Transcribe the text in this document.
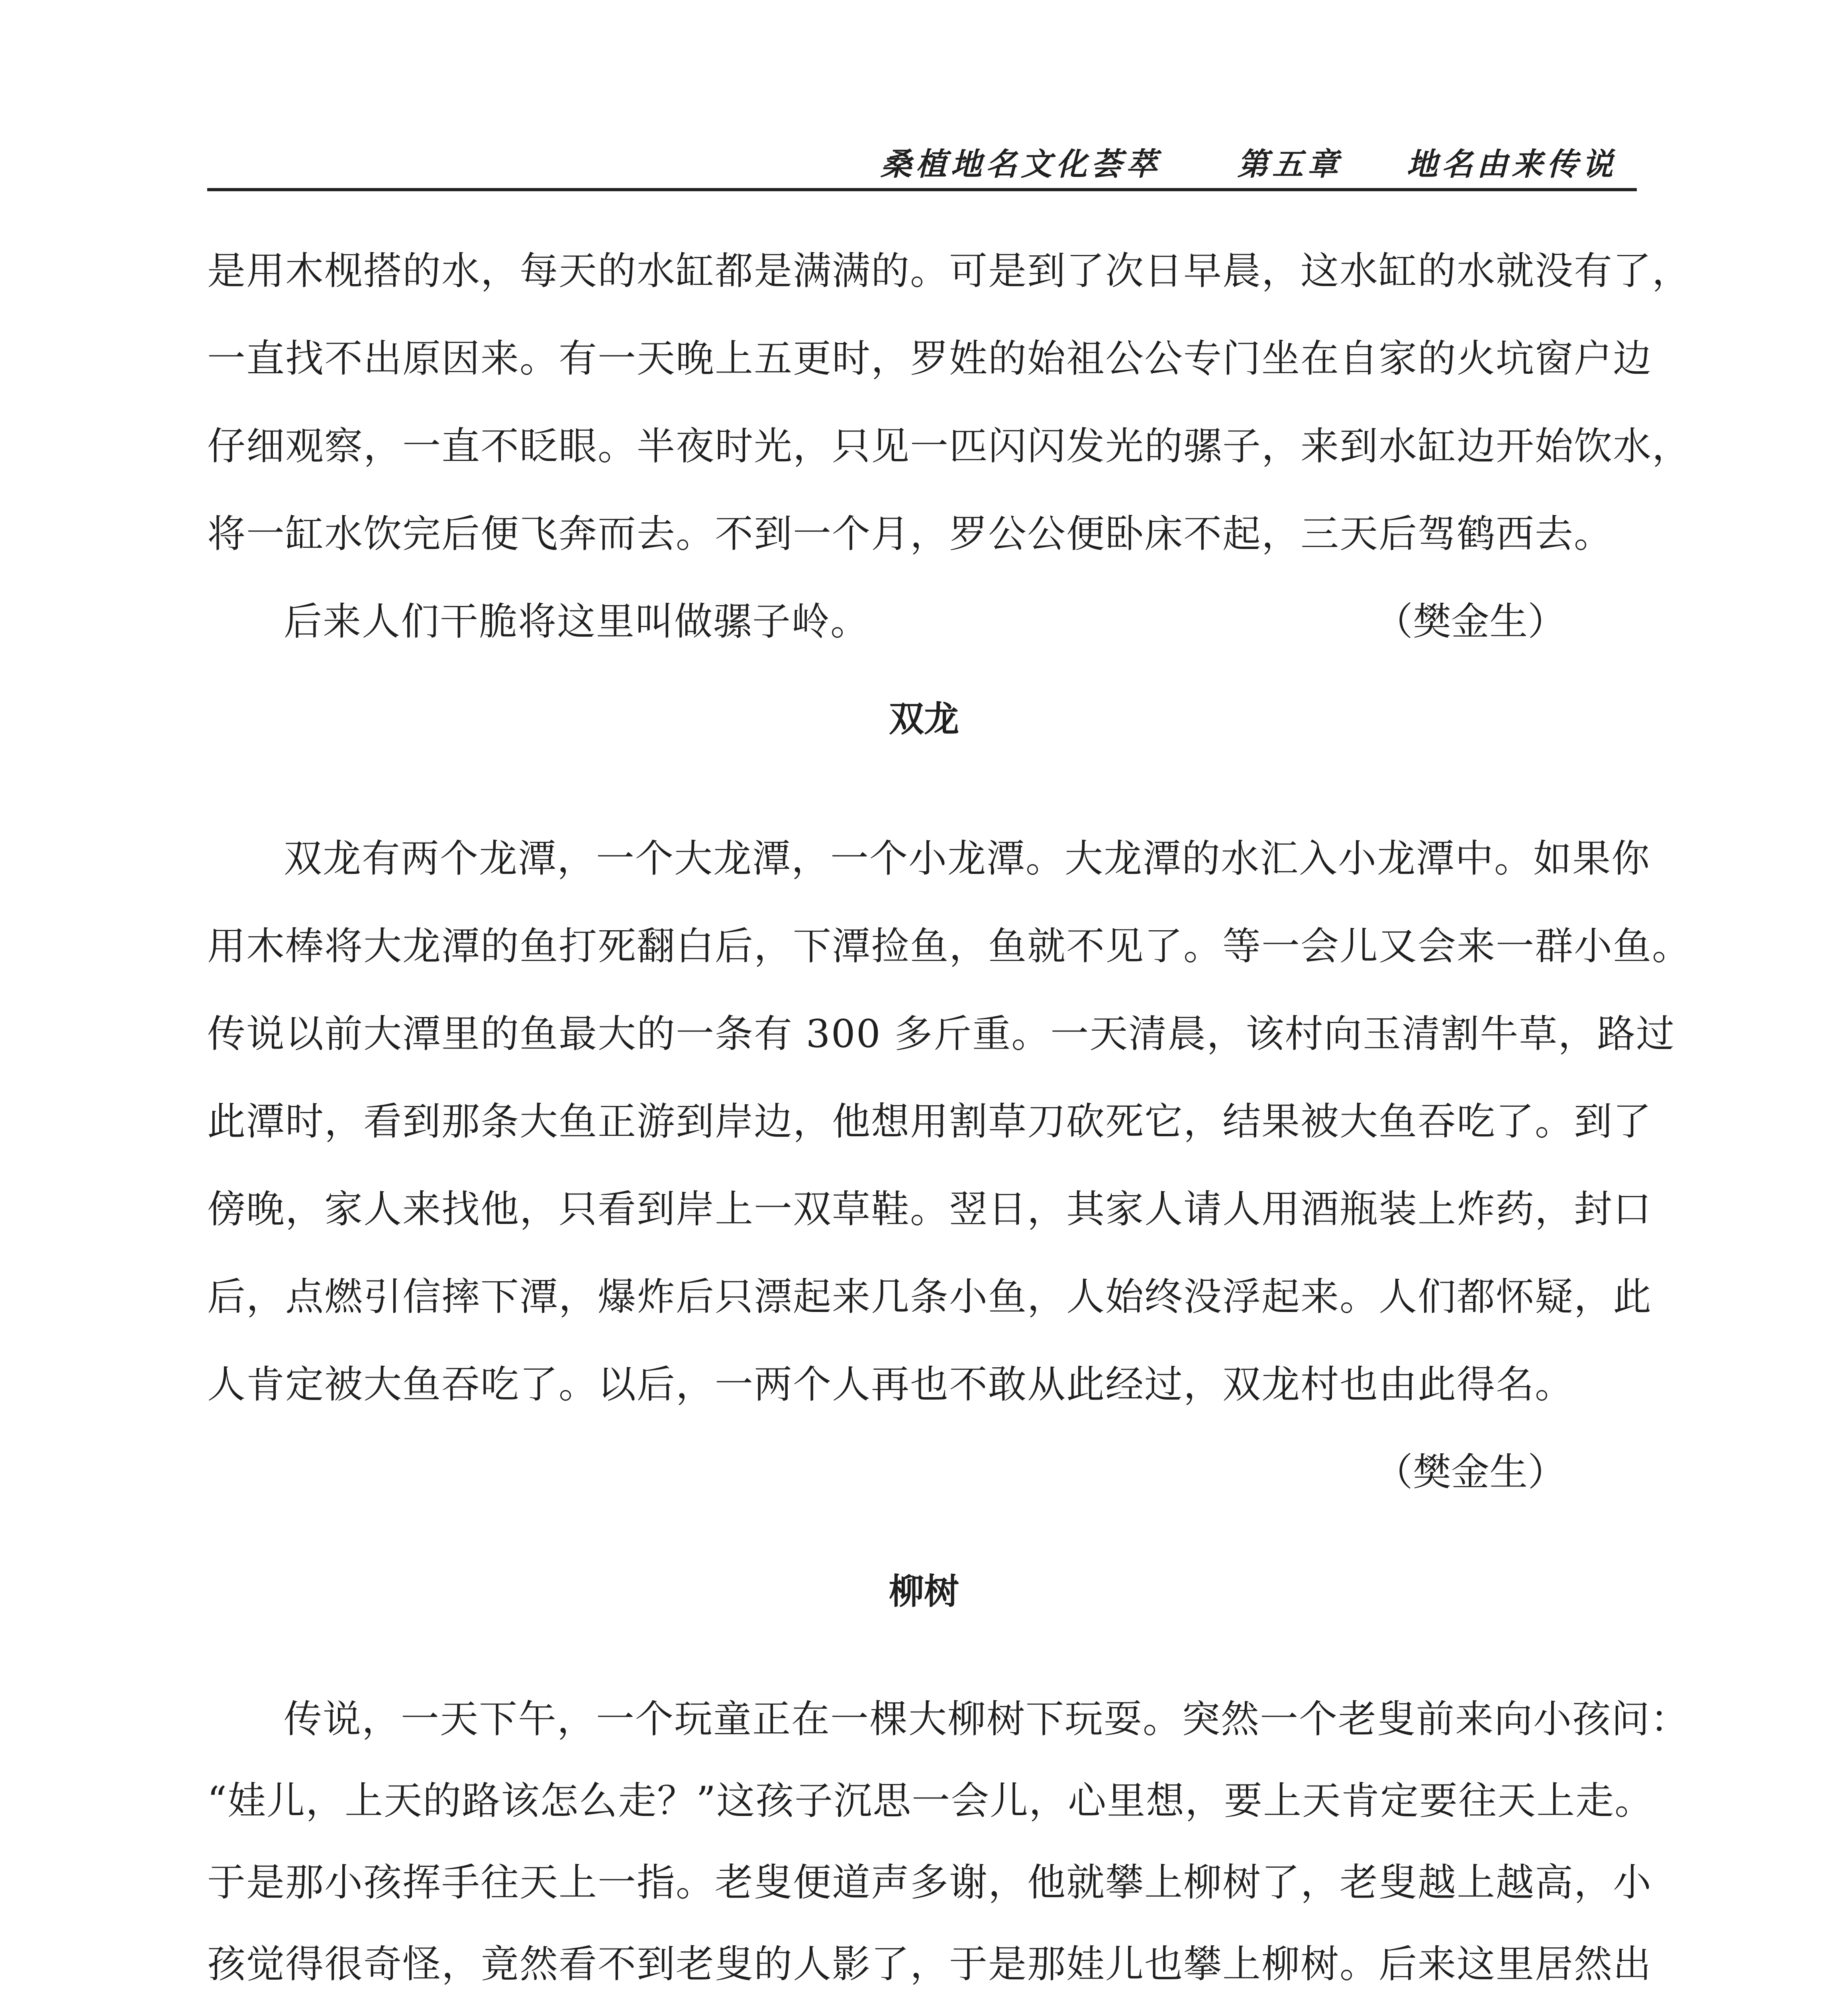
桑植地名文化荟萃 第五章 地名由来传说
是用木枧搭的水，每天的水缸都是满满的。可是到了次日早晨，这水缸的水就没有了，
一直找不出原因来。有一天晚上五更时，罗姓的始祖公公专门坐在自家的火坑窗户边
仔细观察，一直不眨眼。半夜时光，只见一匹闪闪发光的骡子，来到水缸边开始饮水，
将一缸水饮完后便飞奔而去。不到一个月，罗公公便卧床不起，三天后驾鹤西去。
后来人们干脆将这里叫做骡子岭。	（樊金生）
双龙
双龙有两个龙潭，一个大龙潭，一个小龙潭。大龙潭的水汇入小龙潭中。如果你
用木棒将大龙潭的鱼打死翻白后，下潭捡鱼，鱼就不见了。等一会儿又会来一群小鱼。
传说以前大潭里的鱼最大的一条有 300 多斤重。一天清晨，该村向玉清割牛草，路过
此潭时，看到那条大鱼正游到岸边，他想用割草刀砍死它，结果被大鱼吞吃了。到了
傍晚，家人来找他，只看到岸上一双草鞋。翌日，其家人请人用酒瓶装上炸药，封口
后，点燃引信摔下潭，爆炸后只漂起来几条小鱼，人始终没浮起来。人们都怀疑，此
人肯定被大鱼吞吃了。以后，一两个人再也不敢从此经过，双龙村也由此得名。
（樊金生）
柳树
传说，一天下午，一个玩童正在一棵大柳树下玩耍。突然一个老叟前来向小孩问：
“娃儿，上天的路该怎么走？”这孩子沉思一会儿，心里想，要上天肯定要往天上走。
于是那小孩挥手往天上一指。老叟便道声多谢，他就攀上柳树了，老叟越上越高，小
孩觉得很奇怪，竟然看不到老叟的人影了，于是那娃儿也攀上柳树。后来这里居然出
